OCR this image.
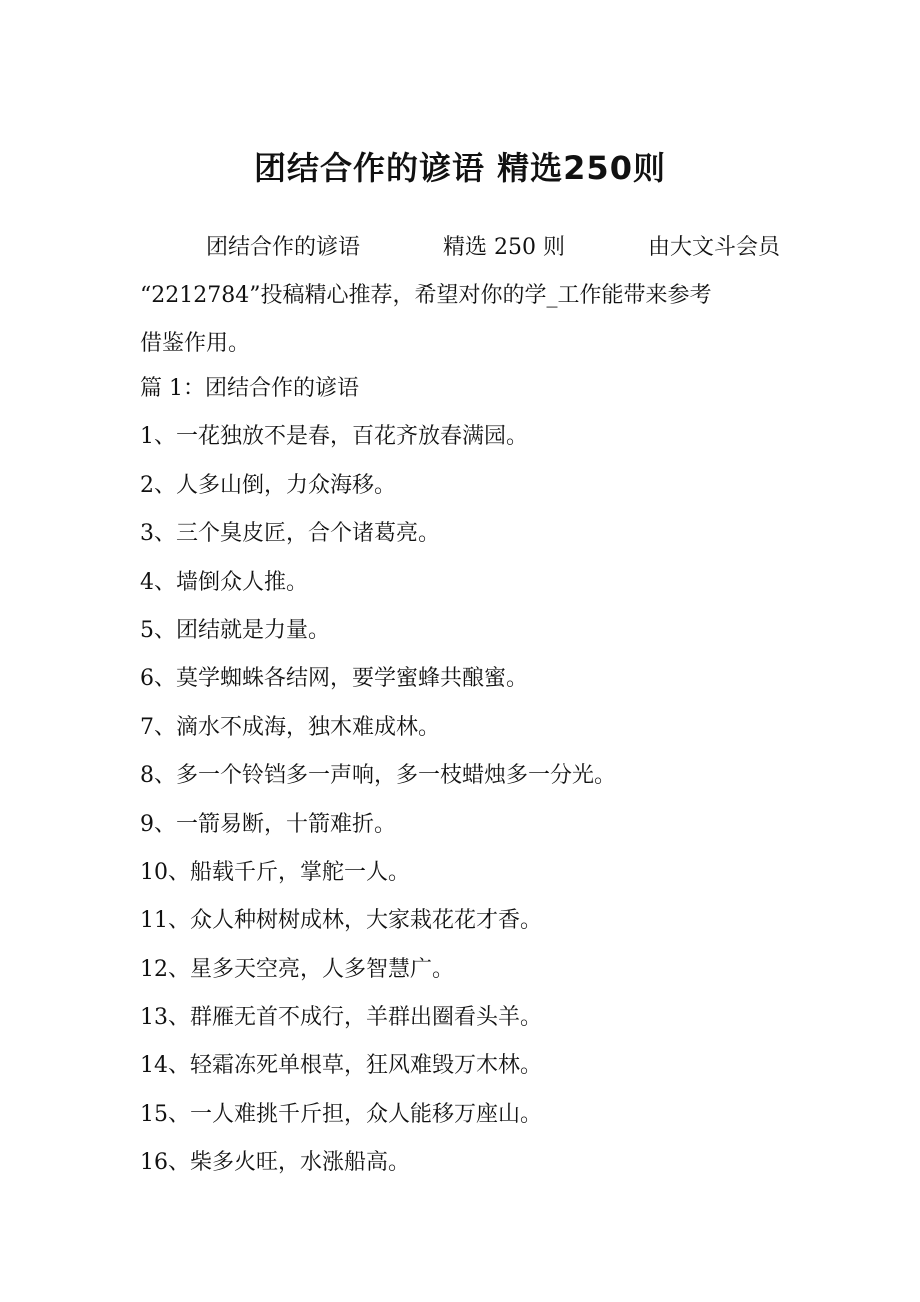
团结合作的谚语 精选250则
团结合作的谚语	精选 250 则	由大文斗会员
“2212784”投稿精心推荐，希望对你的学_工作能带来参考
借鉴作用。
篇 1：团结合作的谚语
1、一花独放不是春，百花齐放春满园。
2、人多山倒，力众海移。
3、三个臭皮匠，合个诸葛亮。
4、墙倒众人推。
5、团结就是力量。
6、莫学蜘蛛各结网，要学蜜蜂共酿蜜。
7、滴水不成海，独木难成林。
8、多一个铃铛多一声响，多一枝蜡烛多一分光。
9、一箭易断，十箭难折。
10、船载千斤，掌舵一人。
11、众人种树树成林，大家栽花花才香。
12、星多天空亮，人多智慧广。
13、群雁无首不成行，羊群出圈看头羊。
14、轻霜冻死单根草，狂风难毁万木林。
15、一人难挑千斤担，众人能移万座山。
16、柴多火旺，水涨船高。
